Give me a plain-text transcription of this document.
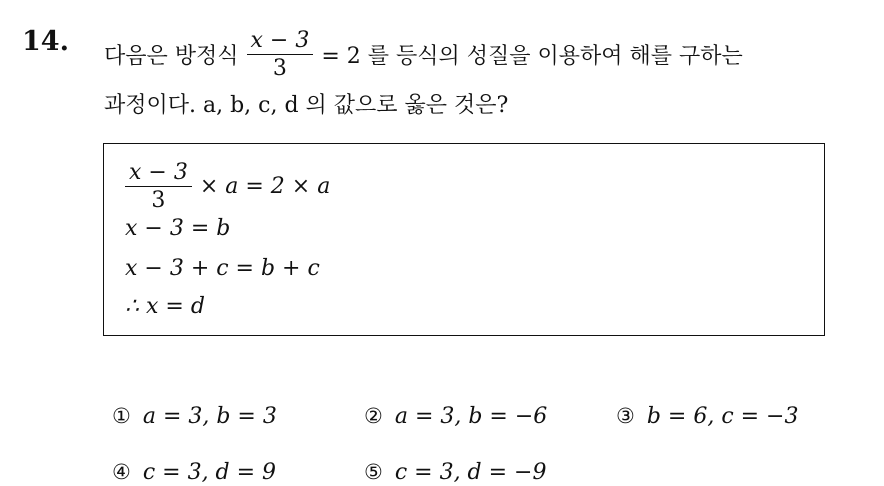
14. 다음은 방정식 $\frac{x - 3}{3} = 2$ 를 등식의 성질을 이용하여 해를 구하는
과정이다. a, b, c, d 의 값으로 옳은 것은?
$\frac{x - 3}{3} \times a = 2 \times a$
x − 3 = b
x − 3 + c = b + c
∴ x = d
① a = 3, b = 3	② a = 3, b = −6	③ b = 6, c = −3
④ c = 3, d = 9	⑤ c = 3, d = −9
